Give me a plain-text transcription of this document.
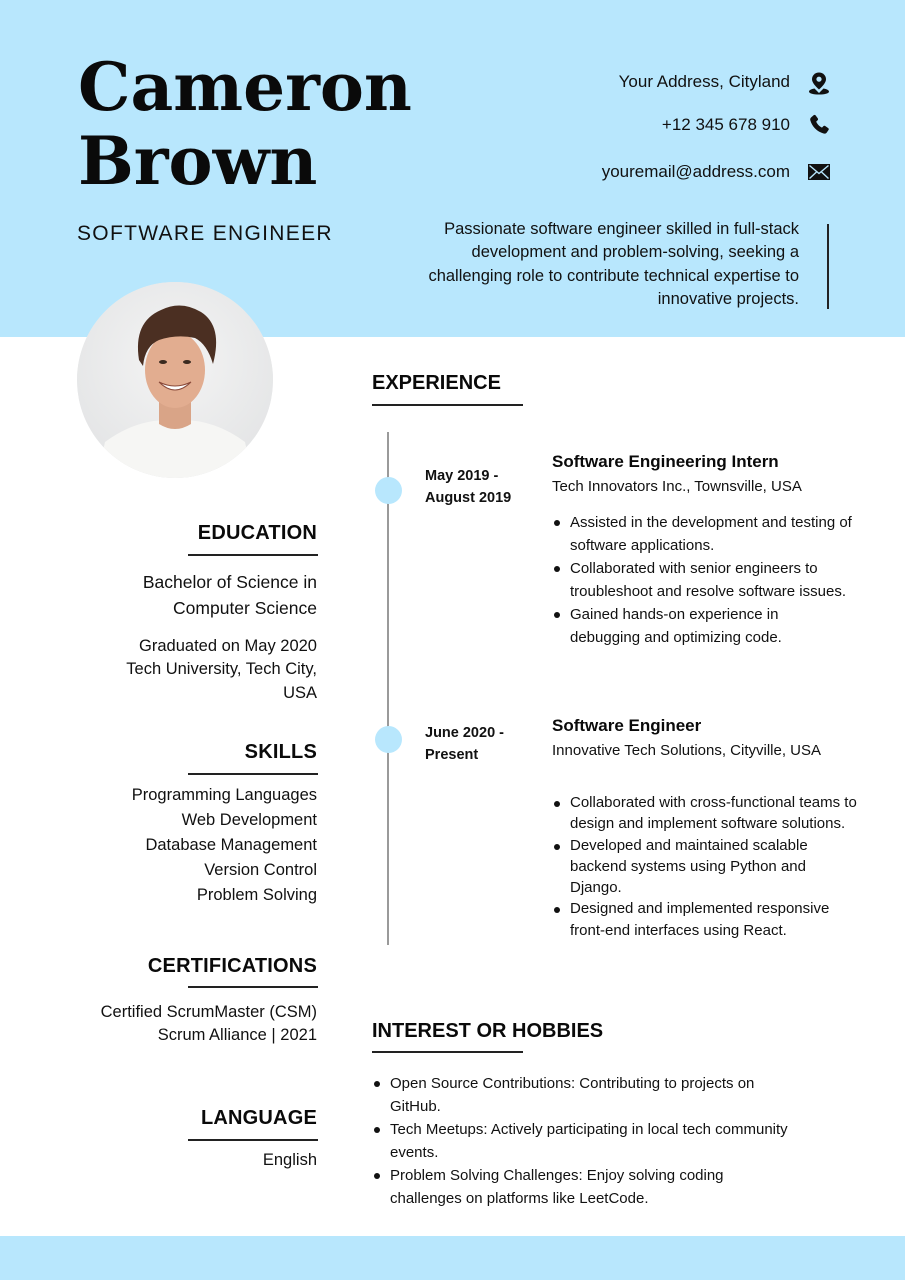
Cameron
Brown
SOFTWARE ENGINEER
Your Address, Cityland
+12 345 678 910
youremail@address.com
Passionate software engineer skilled in full-stack development and problem-solving, seeking a challenging role to contribute technical expertise to innovative projects.
EDUCATION
Bachelor of Science in
Computer Science
Graduated on May 2020
Tech University, Tech City,
USA
SKILLS
Programming Languages
Web Development
Database Management
Version Control
Problem Solving
CERTIFICATIONS
Certified ScrumMaster (CSM)
Scrum Alliance | 2021
LANGUAGE
English
EXPERIENCE
May 2019 -
August 2019
Software Engineering Intern
Tech Innovators Inc., Townsville, USA
Assisted in the development and testing of software applications.
Collaborated with senior engineers to troubleshoot and resolve software issues.
Gained hands-on experience in debugging and optimizing code.
June 2020 -
Present
Software Engineer
Innovative Tech Solutions, Cityville, USA
Collaborated with cross-functional teams to design and implement software solutions.
Developed and maintained scalable backend systems using Python and Django.
Designed and implemented responsive front-end interfaces using React.
INTEREST OR HOBBIES
Open Source Contributions: Contributing to projects on GitHub.
Tech Meetups: Actively participating in local tech community events.
Problem Solving Challenges: Enjoy solving coding challenges on platforms like LeetCode.
